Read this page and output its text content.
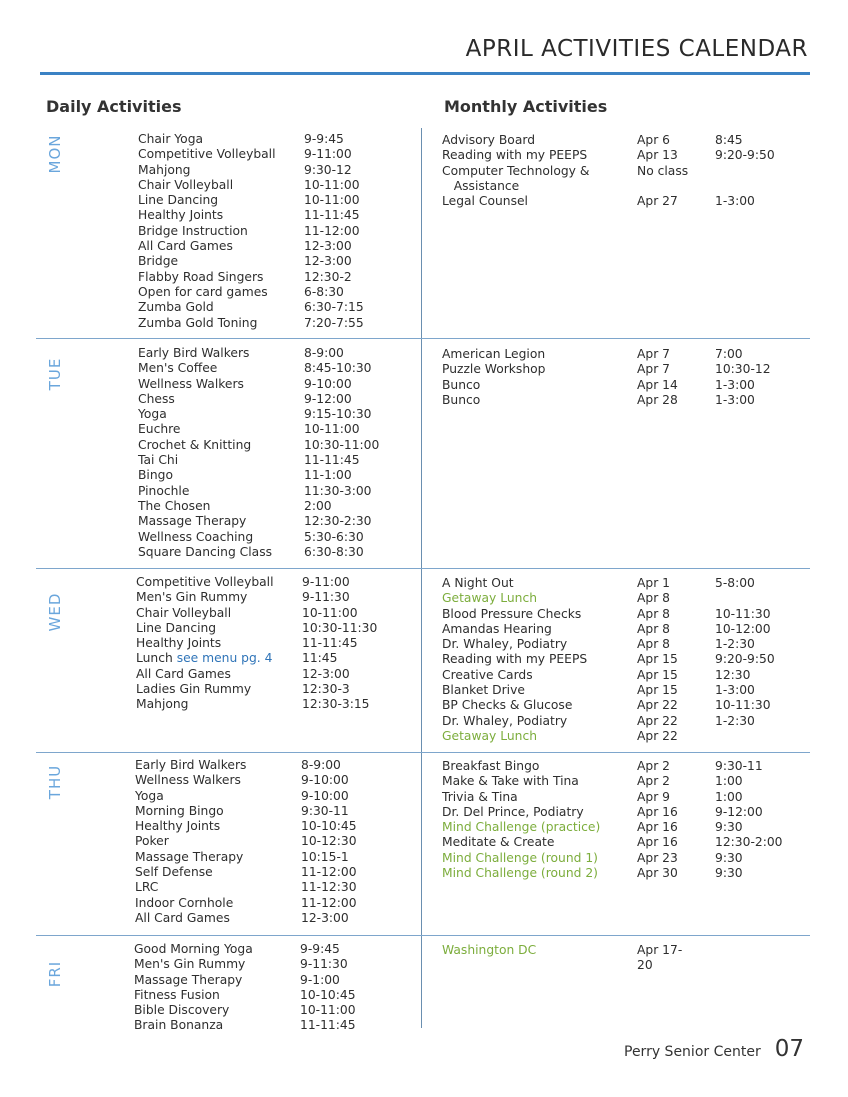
APRIL ACTIVITIES CALENDAR
Daily Activities	Monthly Activities
MON	Chair Yoga	9-9:45
Competitive Volleyball	9-11:00
Mahjong	9:30-12
Chair Volleyball	10-11:00
Line Dancing	10-11:00
Healthy Joints	11-11:45
Bridge Instruction	11-12:00
All Card Games	12-3:00
Bridge	12-3:00
Flabby Road Singers	12:30-2
Open for card games	6-8:30
Zumba Gold	6:30-7:15
Zumba Gold Toning	7:20-7:55
Advisory Board	Apr 6	8:45
Reading with my PEEPS	Apr 13	9:20-9:50
Computer Technology &	No class
Assistance
Legal Counsel	Apr 27	1-3:00
TUE
Early Bird Walkers	8-9:00
Men's Coffee	8:45-10:30
Wellness Walkers	9-10:00
Chess	9-12:00
Yoga	9:15-10:30
Euchre	10-11:00
Crochet & Knitting	10:30-11:00
Tai Chi	11-11:45
Bingo	11-1:00
Pinochle	11:30-3:00
The Chosen	2:00
Massage Therapy	12:30-2:30
Wellness Coaching	5:30-6:30
Square Dancing Class	6:30-8:30
American Legion	Apr 7	7:00
Puzzle Workshop	Apr 7	10:30-12
Bunco	Apr 14	1-3:00
Bunco	Apr 28	1-3:00
WED
Competitive Volleyball	9-11:00
Men's Gin Rummy	9-11:30
Chair Volleyball	10-11:00
Line Dancing	10:30-11:30
Healthy Joints	11-11:45
Lunch see menu pg. 4	11:45
All Card Games	12-3:00
Ladies Gin Rummy	12:30-3
Mahjong	12:30-3:15
A Night Out	Apr 1	5-8:00
Getaway Lunch	Apr 8
Blood Pressure Checks	Apr 8	10-11:30
Amandas Hearing	Apr 8	10-12:00
Dr. Whaley, Podiatry	Apr 8	1-2:30
Reading with my PEEPS	Apr 15	9:20-9:50
Creative Cards	Apr 15	12:30
Blanket Drive	Apr 15	1-3:00
BP Checks & Glucose	Apr 22	10-11:30
Dr. Whaley, Podiatry	Apr 22	1-2:30
Getaway Lunch	Apr 22
THU	Early Bird Walkers	8-9:00
Wellness Walkers	9-10:00
Yoga	9-10:00
Morning Bingo	9:30-11
Healthy Joints	10-10:45
Poker	10-12:30
Massage Therapy	10:15-1
Self Defense	11-12:00
LRC	11-12:30
Indoor Cornhole	11-12:00
All Card Games	12-3:00
Breakfast Bingo	Apr 2	9:30-11
Make & Take with Tina	Apr 2	1:00
Trivia & Tina	Apr 9	1:00
Dr. Del Prince, Podiatry	Apr 16	9-12:00
Mind Challenge (practice)	Apr 16	9:30
Meditate & Create	Apr 16	12:30-2:00
Mind Challenge (round 1)	Apr 23	9:30
Mind Challenge (round 2)	Apr 30	9:30
FRI
Good Morning Yoga	9-9:45
Men's Gin Rummy	9-11:30
Massage Therapy	9-1:00
Fitness Fusion	10-10:45
Bible Discovery	10-11:00
Brain Bonanza	11-11:45
Washington DC	Apr 17-
20
Perry Senior Center 07
